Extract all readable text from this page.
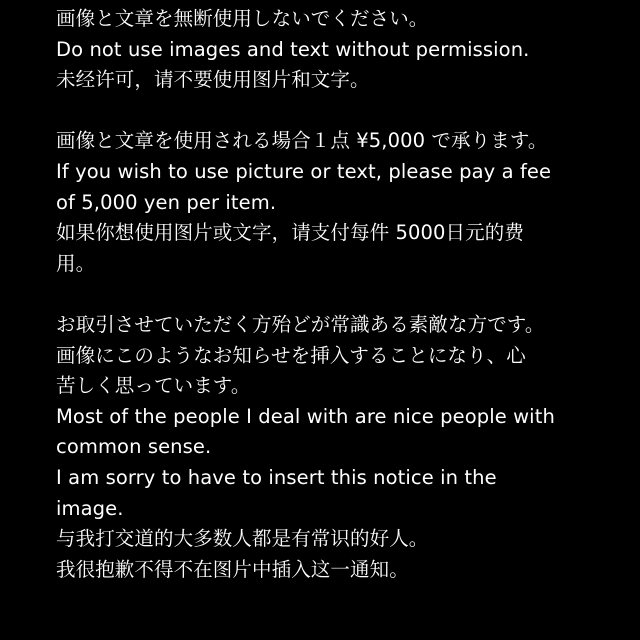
画像と文章を無断使用しないでください。
Do not use images and text without permission.
未经许可，请不要使用图片和文字。
画像と文章を使用される場合１点 ¥5,000 で承ります。
If you wish to use picture or text, please pay a fee
of 5,000 yen per item.
如果你想使用图片或文字，请支付每件 5000日元的费
用。
お取引させていただく方殆どが常識ある素敵な方です。
画像にこのようなお知らせを挿入することになり、心
苦しく思っています。
Most of the people I deal with are nice people with
common sense.
I am sorry to have to insert this notice in the
image.
与我打交道的大多数人都是有常识的好人。
我很抱歉不得不在图片中插入这一通知。
